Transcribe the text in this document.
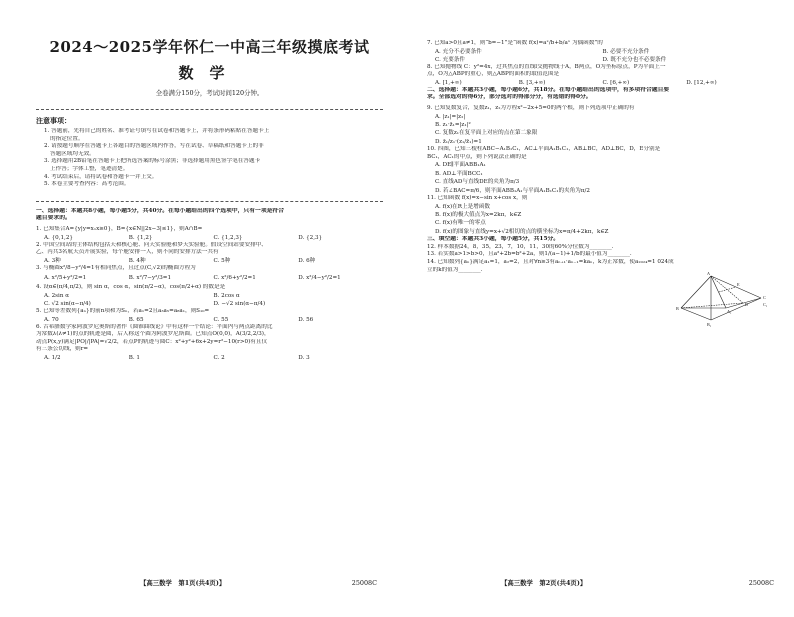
2024～2025学年怀仁一中高三年级摸底考试
数学
全卷满分150分，考试时间120分钟。
注意事项：
1. 答题前，先将自己的姓名、准考证号填写在试卷和答题卡上，并将条形码粘贴在答题卡上
的指定位置。
2. 请按题号顺序在答题卡上各题目的答题区域内作答，写在试卷、草稿纸和答题卡上的非
答题区域均无效。
3. 选择题用2B铅笔在答题卡上把所选答案的标号涂黑；非选择题用黑色签字笔在答题卡
上作答；字体工整，笔迹清楚。
4. 考试结束后，请将试卷和答题卡一并上交。
5. 本卷主要考查内容：高考范围。
一、选择题：本题共8小题，每小题5分，共40分。在每小题给出的四个选项中，只有一项是符合
题目要求的。
1. 已知集合A={y|y=x₁x≥0}，B={x∈N||2x−3|≤1}，则A∩B=
A. {0,1,2}	B. {1,2}	C. {1,2,3}	D. {2,3}
2. 中国空间站的主体结构包括天和核心舱、问天实验舱和梦天实验舱。假设空间站要安排甲、
乙、丙共3名航天员开展实验，每个舱安排一人，则不同的安排方法一共有
A. 3种	B. 4种	C. 5种	D. 6种
3. 与椭圆x²/8−y²/4=1有相同焦点，且过点(C,√2)的椭圆方程为
A. x²/5+y²/2=1	B. x²/7−y²/3=1	C. x²/6+y²/2=1	D. x²/4−y²/2=1
4. 设α∈(π/4,π/2)，则 sin α，cos α，sin(π/2−α)，cos(π/2+α) 的数是是
A. 2sin α	B. 2cos α
C. √2 sin(α−π/4)	D. −√2 sin(α−π/4)
5. 已知等差数列{aₙ}的前n项和为Sₙ，若a₁=2且a₃a₅=a₈a₁，则S₁₀=
A. 70	B. 65	C. 55	D. 56
6. 古希腊数学家阿波罗尼奥斯的著作《圆锥曲线论》中有这样一个结论：平面内与两点距离的比
为常数λ(λ≠1)的点的轨迹是圆，后人称这个圆为阿波罗尼斯圆。已知点O(0,0)，A(3/2,2/3)，
动点P(x,y)满足|PO|/|PA|=√2/2，若点P的轨迹与圆C：x²+y²+6x+2y=r²−10(r>0)有且仅
有三条公切线，则r=
A. 1/2	B. 1	C. 2	D. 3
【高三数学　第1页(共4页)】	25008C
7. 已知a>0且a≠1，则“b=−1”是“函数 f(x)=aˣ/b+b/aˣ 为偶函数”的
A. 充分不必要条件	B. 必要不充分条件
C. 充要条件	D. 既不充分也不必要条件
8. 已知抛物线 C：y²=4x，过其焦点的直线l交抛物线于A，B两点，O为坐标原点，P为平面上一
点，O为△ABP的重心，则△ABP的面积的取值范围是
A. [1,+∞)	B. [3,+∞)	C. [6,+∞)	D. [12,+∞)
二、选择题：本题共3小题，每小题6分，共18分。在每小题给出的选项中，有多项符合题目要
求。全部选对的得6分，部分选对的得部分分，有选错的得0分。
9. 已知复数复合，复数z₁，z₂为方程x²−2x+5=0的两个根，则下列选项中正确的有
A. |z₁|=|z₂|
B. z₁·z̄₁=|z₁|²
C. 复数z₁在复平面上对应的点在第二象限
D. z̄₁/z₁·(z₁/z̄₁)=1
10. 四图，已知三棱柱ABC−A₁B₁C₁，AC⊥平面A₁B₁C₁，AB⊥BC，AD⊥BC，D，E分别是
BC₁，AC₁的中点，则下列说法正确的是
A. DE∥平面ABB₁A₁
B. AD⊥平面BCC₁
C. 直线AD与直线DE的夹角为π/3
D. 若∠BAC=π/6，则平面ABB₁A₁与平面A₁B₁C₁的夹角为π/2
11. 已知函数 f(x)=x−sin x+cos x，则
A. f(x)在R上是增函数
B. f(x)的极大值点为x=2kπ，k∈Z
C. f(x)有唯一的零点
D. f(x)的图象与直线y=x+√2相切的点的横坐标为x=π/4+2kπ，k∈Z
三、填空题：本题共3小题，每小题5分，共15分。
12. 样本数据24，8，35，23，7，10，11，30的60%分位数为________.
13. 若实数a>1>b>0，且a²+2b=b²+2a，则1/(a−1)+1/b的最小值为________.
14. 已知数列{aₙ}满足a₁=1，a₂=2，且对∀n≥3有aₙ₊₁·aₙ₋₁=kaₙ，k为正常数，使a₂₀₂₄=1 024成
立的k的值为________.
A
B
C
D
E
A₁
B₁
C₁
【高三数学　第2页(共4页)】	25008C
